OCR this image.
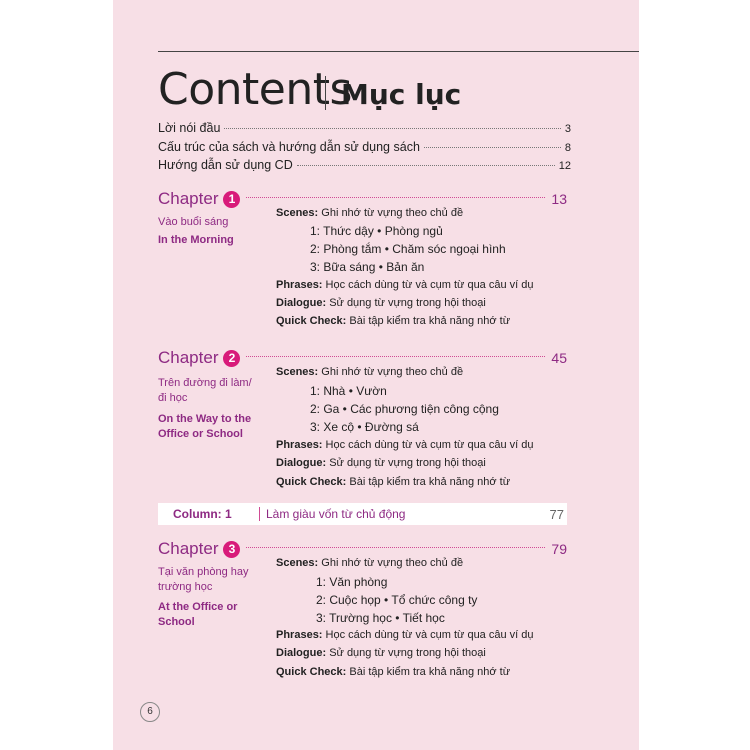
Contents
Mục lục
Lời nói đầu	3
Cấu trúc của sách và hướng dẫn sử dụng sách	8
Hướng dẫn sử dụng CD	12
Chapter 1	13
Vào buổi sáng
In the Morning
Scenes: Ghi nhớ từ vựng theo chủ đề
1: Thức dậy • Phòng ngủ
2: Phòng tắm • Chăm sóc ngoại hình
3: Bữa sáng • Bản ăn
Phrases: Học cách dùng từ và cụm từ qua câu ví dụ
Dialogue: Sử dụng từ vựng trong hội thoại
Quick Check: Bài tập kiểm tra khả năng nhớ từ
Chapter 2	45
Trên đường đi làm/ đi học
On the Way to the Office or School
Scenes: Ghi nhớ từ vựng theo chủ đề
1: Nhà • Vườn
2: Ga • Các phương tiện công cộng
3: Xe cộ • Đường sá
Phrases: Học cách dùng từ và cụm từ qua câu ví dụ
Dialogue: Sử dụng từ vựng trong hội thoại
Quick Check: Bài tập kiểm tra khả năng nhớ từ
Column: 1	Làm giàu vốn từ chủ động	77
Chapter 3	79
Tại văn phòng hay trường học
At the Office or School
Scenes: Ghi nhớ từ vựng theo chủ đề
1: Văn phòng
2: Cuộc họp • Tổ chức công ty
3: Trường học • Tiết học
Phrases: Học cách dùng từ và cụm từ qua câu ví dụ
Dialogue: Sử dụng từ vựng trong hội thoại
Quick Check: Bài tập kiểm tra khả năng nhớ từ
6
